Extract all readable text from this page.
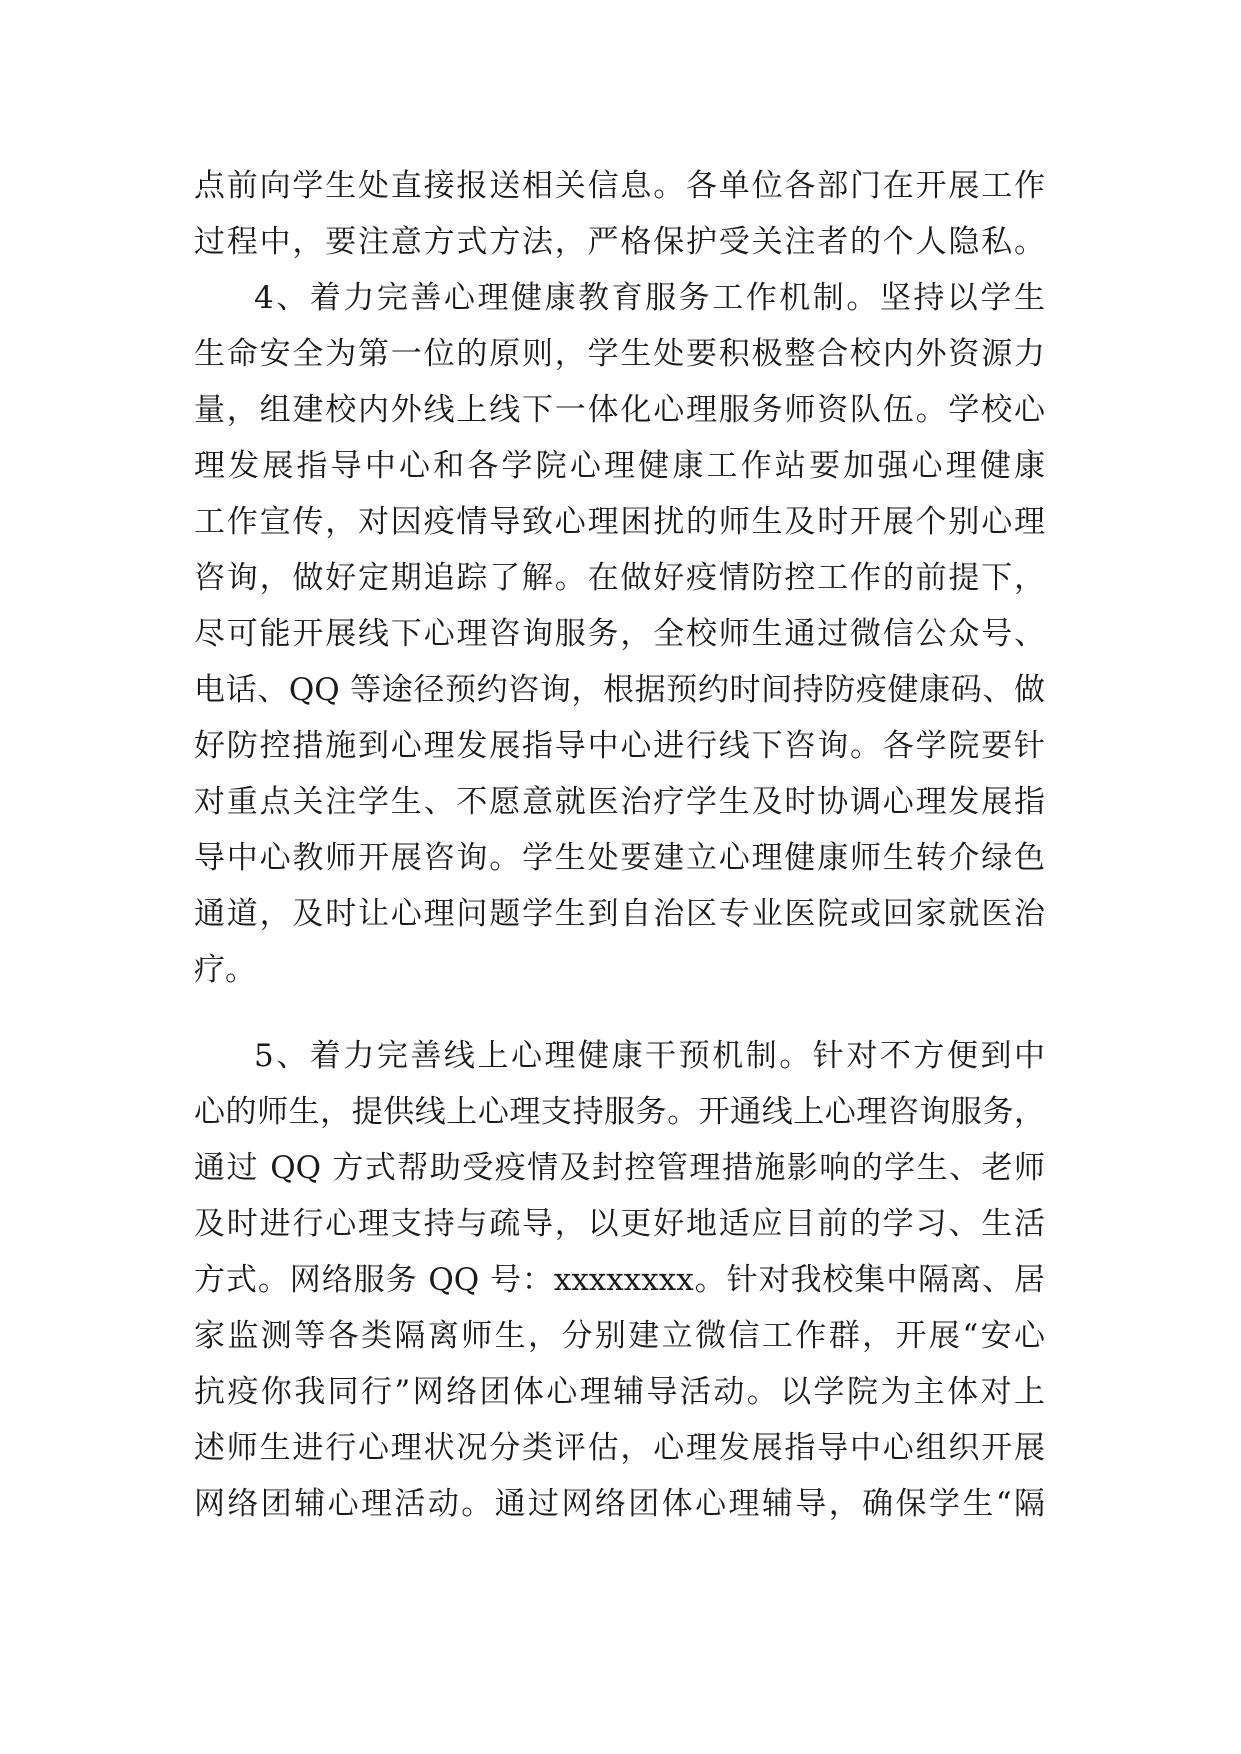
点前向学生处直接报送相关信息。各单位各部门在开展工作
过程中，要注意方式方法，严格保护受关注者的个人隐私。
4、着力完善心理健康教育服务工作机制。坚持以学生
生命安全为第一位的原则，学生处要积极整合校内外资源力
量，组建校内外线上线下一体化心理服务师资队伍。学校心
理发展指导中心和各学院心理健康工作站要加强心理健康
工作宣传，对因疫情导致心理困扰的师生及时开展个别心理
咨询，做好定期追踪了解。在做好疫情防控工作的前提下，
尽可能开展线下心理咨询服务，全校师生通过微信公众号、
电话、QQ 等途径预约咨询，根据预约时间持防疫健康码、做
好防控措施到心理发展指导中心进行线下咨询。各学院要针
对重点关注学生、不愿意就医治疗学生及时协调心理发展指
导中心教师开展咨询。学生处要建立心理健康师生转介绿色
通道，及时让心理问题学生到自治区专业医院或回家就医治
疗。
5、着力完善线上心理健康干预机制。针对不方便到中
心的师生，提供线上心理支持服务。开通线上心理咨询服务，
通过 QQ 方式帮助受疫情及封控管理措施影响的学生、老师
及时进行心理支持与疏导，以更好地适应目前的学习、生活
方式。网络服务 QQ 号：xxxxxxxx。针对我校集中隔离、居
家监测等各类隔离师生，分别建立微信工作群，开展“安心
抗疫你我同行”网络团体心理辅导活动。以学院为主体对上
述师生进行心理状况分类评估，心理发展指导中心组织开展
网络团辅心理活动。通过网络团体心理辅导，确保学生“隔
